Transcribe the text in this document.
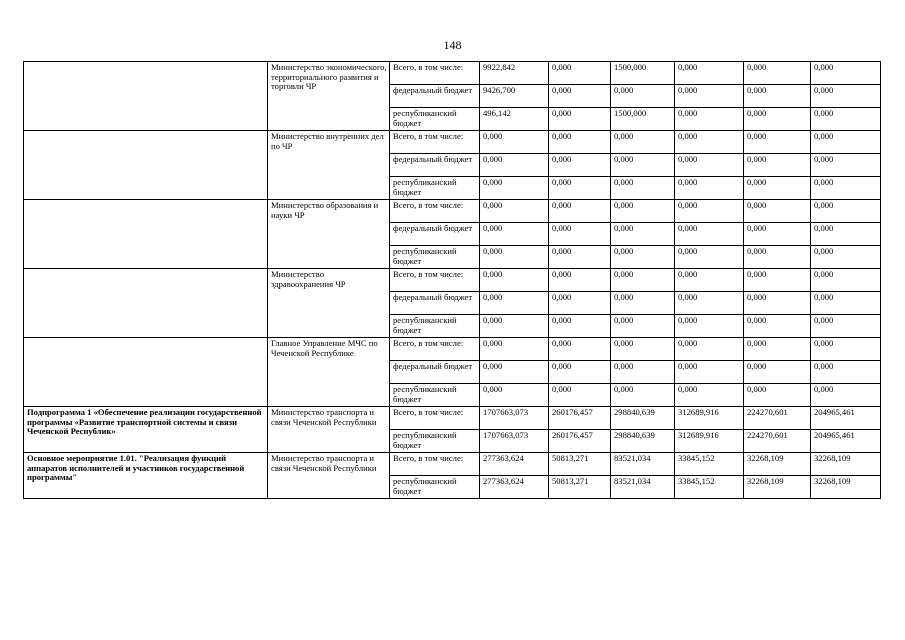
148
	Министерство экономического, территориального развития и торговли ЧР	Всего, в том числе:	9922,842	0,000	1500,000	0,000	0,000	0,000
		федеральный бюджет	9426,700	0,000	0,000	0,000	0,000	0,000
		республиканский бюджет	496,142	0,000	1500,000	0,000	0,000	0,000
	Министерство внутренних дел по ЧР	Всего, в том числе:	0,000	0,000	0,000	0,000	0,000	0,000
		федеральный бюджет	0,000	0,000	0,000	0,000	0,000	0,000
		республиканский бюджет	0,000	0,000	0,000	0,000	0,000	0,000
	Министерство образования и науки ЧР	Всего, в том числе:	0,000	0,000	0,000	0,000	0,000	0,000
		федеральный бюджет	0,000	0,000	0,000	0,000	0,000	0,000
		республиканский бюджет	0,000	0,000	0,000	0,000	0,000	0,000
	Министерство здравоохранения ЧР	Всего, в том числе:	0,000	0,000	0,000	0,000	0,000	0,000
		федеральный бюджет	0,000	0,000	0,000	0,000	0,000	0,000
		республиканский бюджет	0,000	0,000	0,000	0,000	0,000	0,000
	Главное Управление МЧС по Чеченской Республике	Всего, в том числе:	0,000	0,000	0,000	0,000	0,000	0,000
		федеральный бюджет	0,000	0,000	0,000	0,000	0,000	0,000
		республиканский бюджет	0,000	0,000	0,000	0,000	0,000	0,000
Подпрограмма 1 «Обеспечение реализации государственной программы «Развитие транспортной системы и связи Чеченской Республик»	Министерство транспорта и связи Чеченской Республики	Всего, в том числе:	1707663,073	260176,457	298840,639	312689,916	224270,601	204965,461
		республиканский бюджет	1707663,073	260176,457	298840,639	312689,916	224270,601	204965,461
Основное мероприятие 1.01. "Реализация функций аппаратов исполнителей и участников государственной программы"	Министерство транспорта и связи Чеченской Республики	Всего, в том числе:	277363,624	50813,271	83521,034	33845,152	32268,109	32268,109
		республиканский бюджет	277363,624	50813,271	83521,034	33845,152	32268,109	32268,109
